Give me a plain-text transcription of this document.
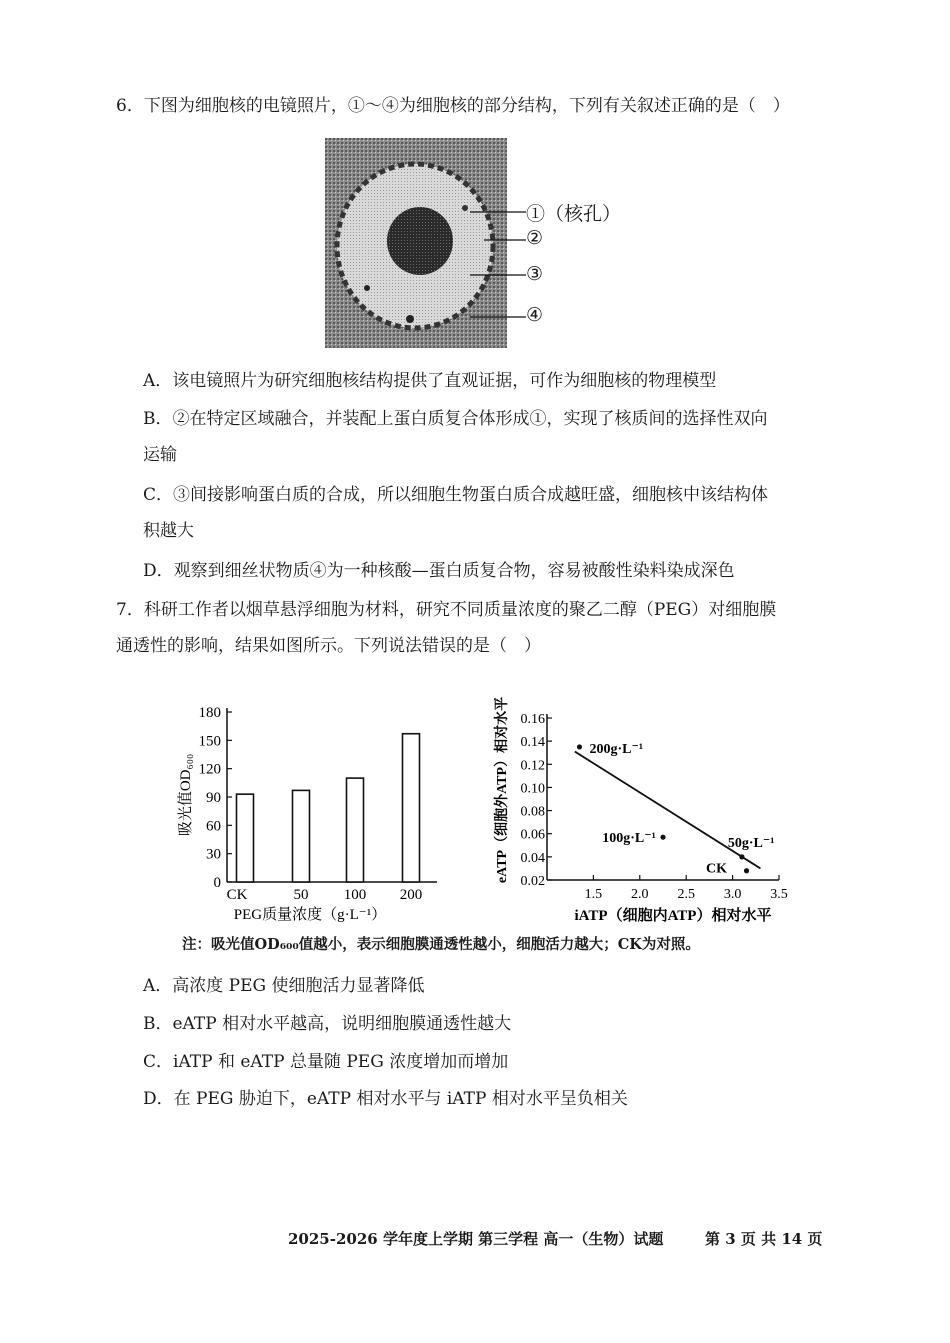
6．下图为细胞核的电镜照片，①～④为细胞核的部分结构，下列有关叙述正确的是（　）
①（核孔）
②
③
④
A．该电镜照片为研究细胞核结构提供了直观证据，可作为细胞核的物理模型
B．②在特定区域融合，并装配上蛋白质复合体形成①，实现了核质间的选择性双向
运输
C．③间接影响蛋白质的合成，所以细胞生物蛋白质合成越旺盛，细胞核中该结构体
积越大
D．观察到细丝状物质④为一种核酸—蛋白质复合物，容易被酸性染料染成深色
7．科研工作者以烟草悬浮细胞为材料，研究不同质量浓度的聚乙二醇（PEG）对细胞膜
通透性的影响，结果如图所示。下列说法错误的是（　）
0
30
60
90
120
150
180
CK	50 100 200
PEG质量浓度（g·L⁻¹）
吸光值OD₆₀₀
0.02
0.04
0.06
0.08
0.10
0.12
0.14
0.16
1.5 2.0 2.5 3.0 3.5
200g·L⁻¹
100g·L⁻¹	50g·L⁻¹
CK
iATP（细胞内ATP）相对水平
eATP（细胞外ATP）相对水平
注：吸光值OD₆₀₀值越小，表示细胞膜通透性越小，细胞活力越大；CK为对照。
A．高浓度 PEG 使细胞活力显著降低
B．eATP 相对水平越高，说明细胞膜通透性越大
C．iATP 和 eATP 总量随 PEG 浓度增加而增加
D．在 PEG 胁迫下，eATP 相对水平与 iATP 相对水平呈负相关
2025-2026 学年度上学期 第三学程 高一（生物）试题	第 3 页 共 14 页
